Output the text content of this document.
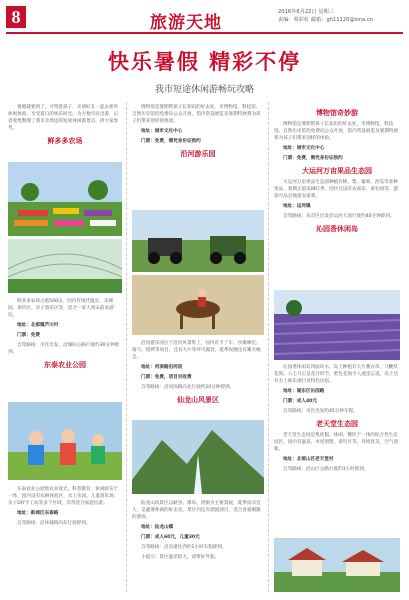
8	旅游天地
2016年6月22日 星期三
责编：蔡彩虹 邮箱：gh11120@sina.cn
快乐暑假 精彩不停
我市短途休闲游畅玩攻略

暑假就要到了，可带着孩子、亲朋好友一起去郊外休闲体验，享受夏日的快乐时光。为方便市民出游，记者收集整理了我市及周边的短途休闲游景点，供大家参考。

鲜多多农场

鲜多多农场占地500亩，园内有现代温室、采摘园、垂钓区、亲子游乐区等，适合一家人周末前来游玩。

地址：北部镇芦川村

门票：免费

自驾路线：市区出发，沿城际公路行驶约30分钟即到。

东泰农业公园

东泰农业公园集农业观光、科普教育、休闲娱乐于一体，园内设有农耕体验区、水上乐园、儿童游乐场、亲子DIY手工坊等多个区域，非常适合家庭出游。

地址：新城区东泰路

自驾路线：沿环城路向东行驶即到。

博物馆是暑期带孩子长知识的好去处，市博物馆、科技馆、自然历史馆均免费向公众开放，馆内常设展览及暑期特展将为孩子们带来别样的体验。

地址：城市文化中心

门票：免费，需凭身份证预约

沿河游乐园

沿河游乐园位于沿河风景带上，园内有卡丁车、沙滩摩托、骑马、烧烤等项目，还有大片草坪可露营，夏季夜晚还有篝火晚会。

地址：河滨路沿河段

门票：免费，项目另收费

自驾路线：沿河滨路向北行驶约20分钟即到。

仙龙山风景区

仙龙山风景区以峡谷、瀑布、溶洞为主要景观，夏季清凉宜人，是避暑休闲的好去处。景区内还有漂流项目，适合喜爱刺激的游客。

地址：仙龙山镇

门票：成人60元，儿童30元

自驾路线：沿省道往西约1小时车程即到。

小提示：景区温差较大，请带好外套。

博物馆奇妙游

博物馆是暑期带孩子长知识的好去处，市博物馆、科技馆、自然历史馆均免费向公众开放，馆内常设展览及暑期特展将为孩子们带来别样的体验。

地址：城市文化中心

门票：免费，需凭身份证预约

大运河万亩果品生态园

大运河万亩果品生态园种植有桃、梨、葡萄、西瓜等多种果品，暑期正值采摘旺季。园区还设有农家乐、垂钓园等，游客可品尝地道农家菜。

地址：运河镇

自驾路线：从市区出发沿运河大道行驶约40分钟即到。

沁园香休闲岛

沁园香休闲岛四面环水，岛上种植有大片薰衣草、马鞭草花海，六七月正是花开时节，紫色花海令人流连忘返。岛上还有水上娱乐项目及特色民宿。

地址：湖东区沁园路

门票：成人40元

自驾路线：市区出发约45分钟车程。

老天堂生态园

老天堂生态园是集度假、休闲、餐饮于一体的综合性生态园区，园内有温泉、木屋别墅、垂钓区等，环境优美，空气清新。

地址：北部山区老天堂村

自驾路线：沿山区公路行驶约1小时即到。
